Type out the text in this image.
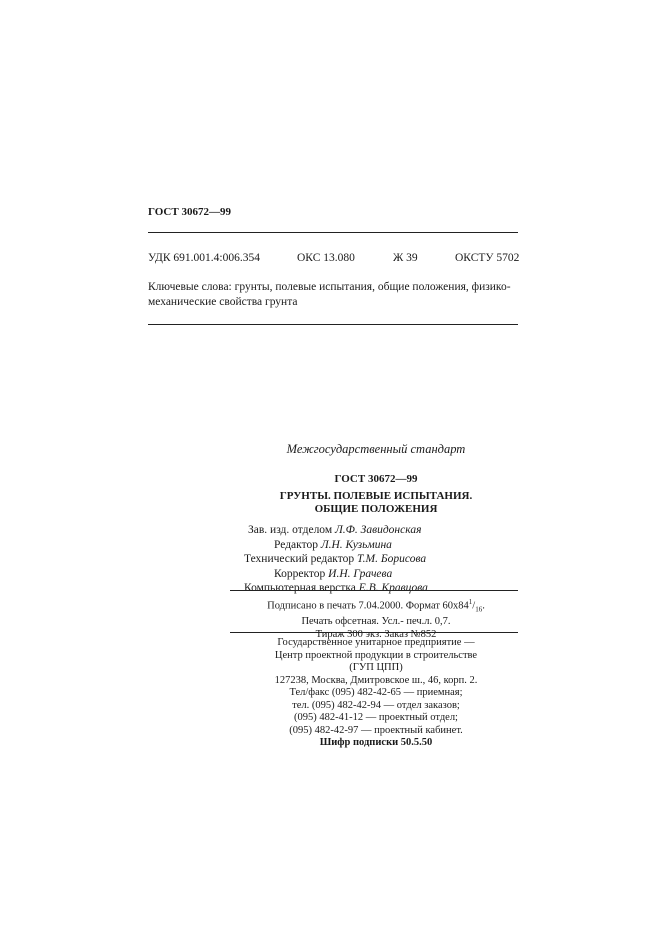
ГОСТ 30672—99
УДК 691.001.4:006.354	ОКС 13.080	Ж 39	ОКСТУ 5702
Ключевые слова: грунты, полевые испытания, общие положения, физико-
механические свойства грунта
Межгосударственный стандарт
ГОСТ 30672—99
ГРУНТЫ. ПОЛЕВЫЕ ИСПЫТАНИЯ.
ОБЩИЕ ПОЛОЖЕНИЯ
Зав. изд. отделом Л.Ф. Завидонская
Редактор Л.Н. Кузьмина
Технический редактор Т.М. Борисова
Корректор И.Н. Грачева
Компьютерная верстка Е.В. Кравцова
Подписано в печать 7.04.2000. Формат $60х84^1/_{16}$.
Печать офсетная. Усл.- печ.л. 0,7.
Тираж 300 экз. Заказ №852
Государственное унитарное предприятие —
Центр проектной продукции в строительстве
(ГУП ЦПП)
127238, Москва, Дмитровское ш., 46, корп. 2.
Тел/факс (095) 482-42-65 — приемная;
тел. (095) 482-42-94 — отдел заказов;
(095) 482-41-12 — проектный отдел;
(095) 482-42-97 — проектный кабинет.
Шифр подписки 50.5.50
